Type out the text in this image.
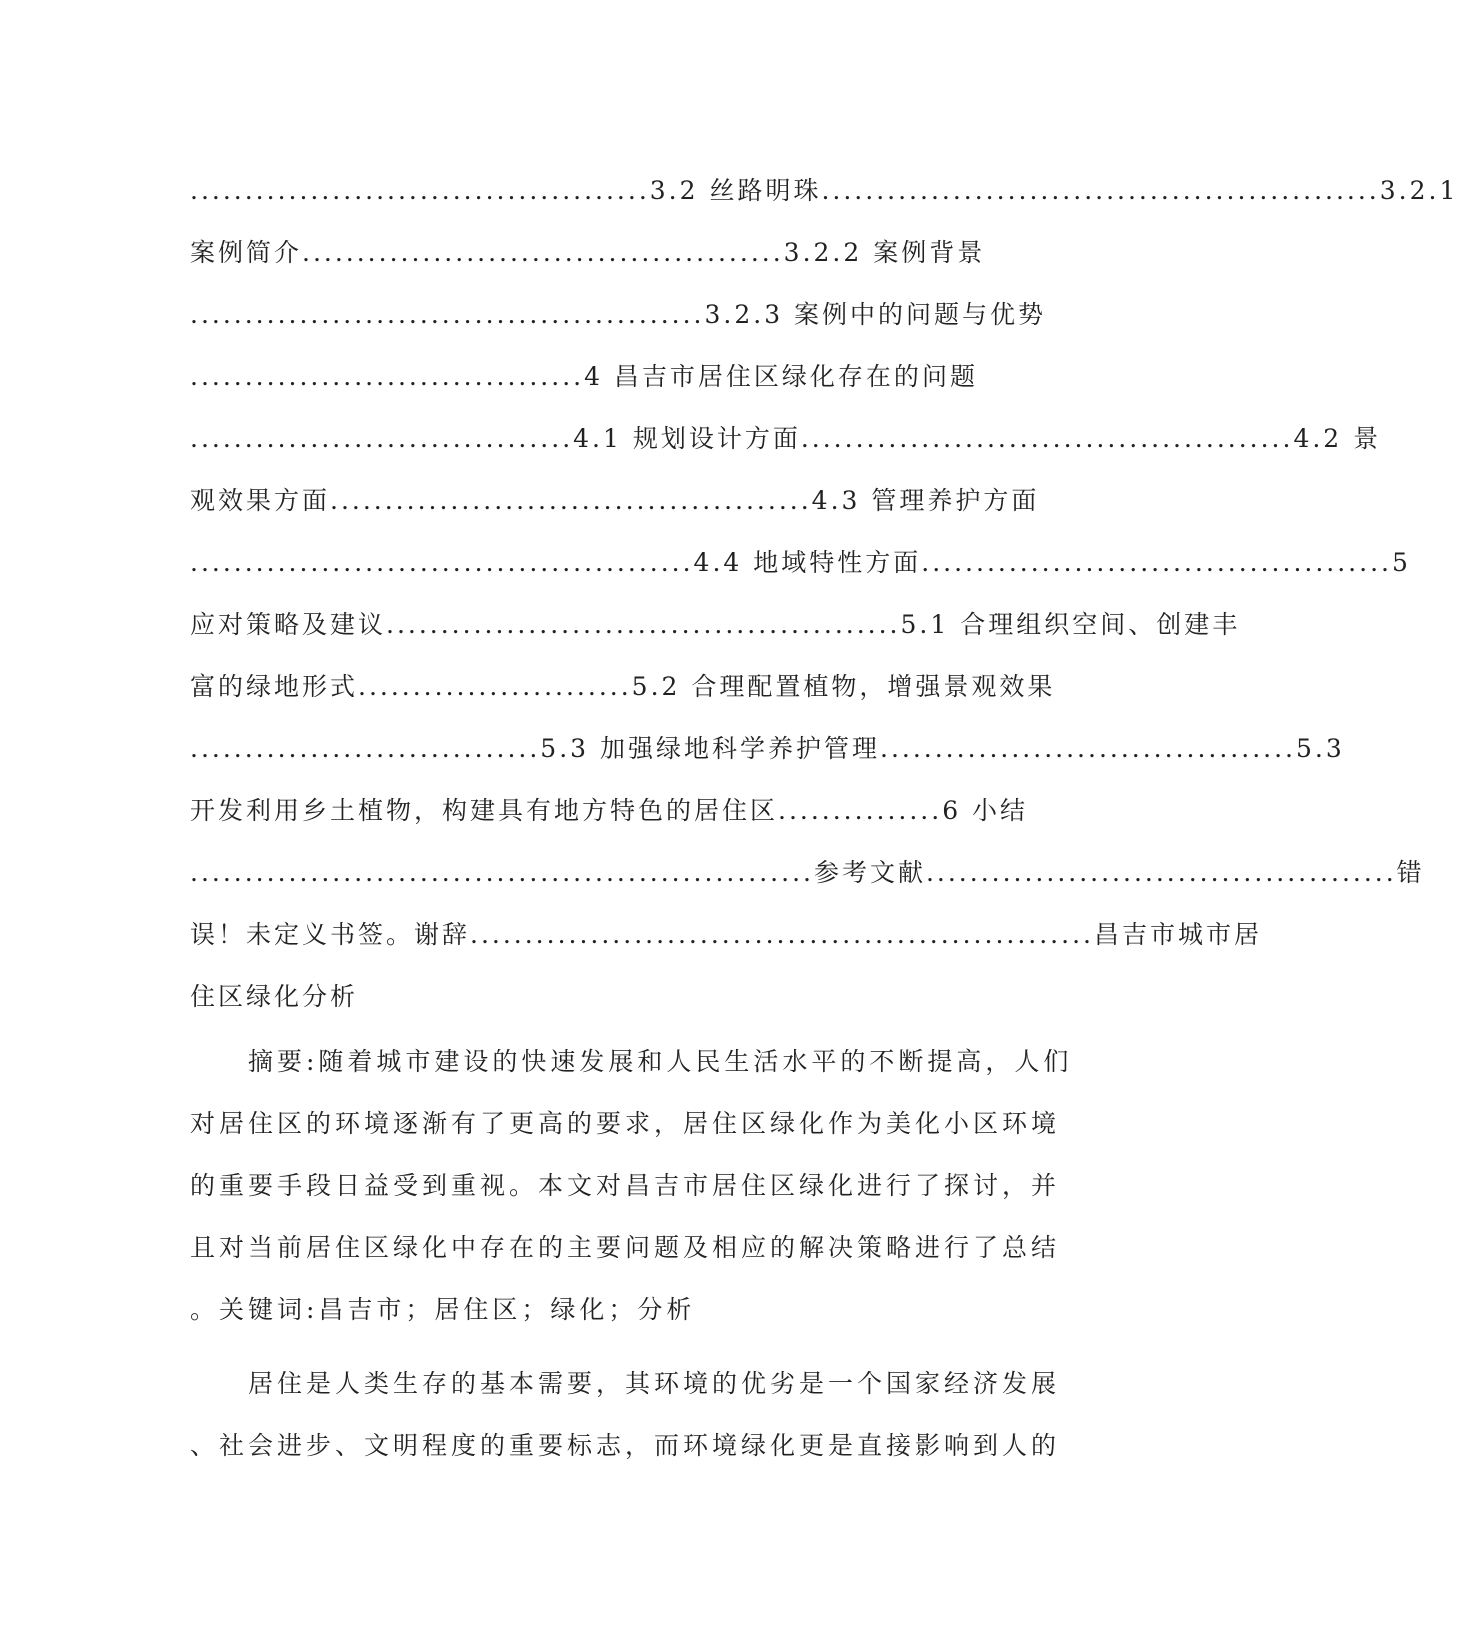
..........................................3.2 丝路明珠...................................................3.2.1
案例简介............................................3.2.2 案例背景
...............................................3.2.3 案例中的问题与优势
....................................4 昌吉市居住区绿化存在的问题
...................................4.1 规划设计方面.............................................4.2 景
观效果方面............................................4.3 管理养护方面
..............................................4.4 地域特性方面...........................................5
应对策略及建议...............................................5.1 合理组织空间、创建丰
富的绿地形式.........................5.2 合理配置植物，增强景观效果
................................5.3 加强绿地科学养护管理......................................5.3
开发利用乡土植物，构建具有地方特色的居住区...............6 小结
.........................................................参考文献...........................................错
误！未定义书签。谢辞.........................................................昌吉市城市居
住区绿化分析
　　摘要:随着城市建设的快速发展和人民生活水平的不断提高，人们
对居住区的环境逐渐有了更高的要求，居住区绿化作为美化小区环境
的重要手段日益受到重视。本文对昌吉市居住区绿化进行了探讨，并
且对当前居住区绿化中存在的主要问题及相应的解决策略进行了总结
。关键词:昌吉市；居住区；绿化；分析
　　居住是人类生存的基本需要，其环境的优劣是一个国家经济发展
、社会进步、文明程度的重要标志，而环境绿化更是直接影响到人的
